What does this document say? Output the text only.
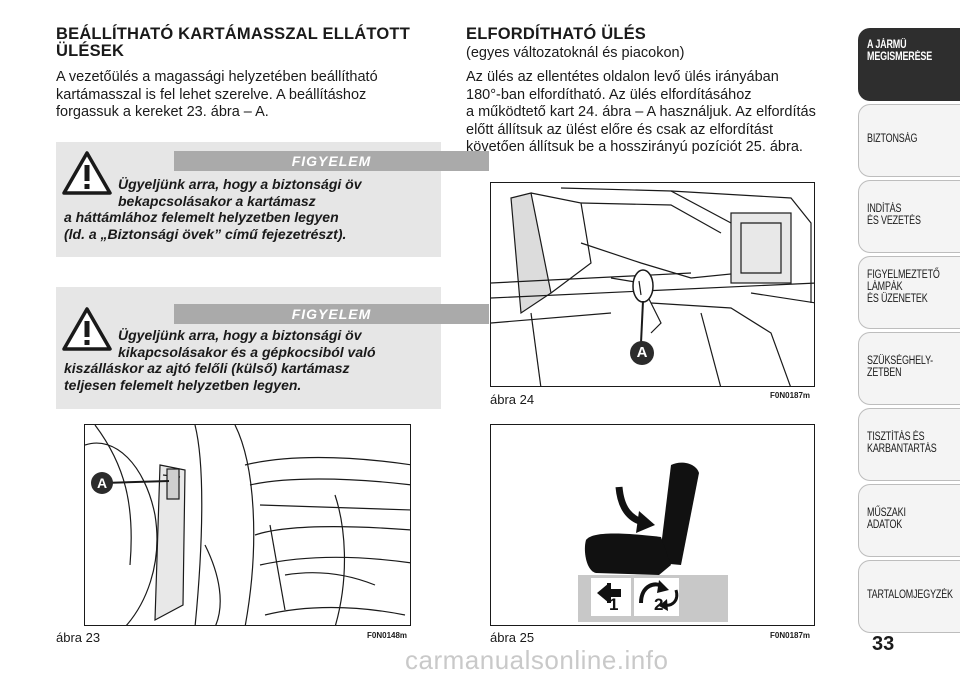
BEÁLLÍTHATÓ KARTÁMASSZAL ELLÁTOTT
ÜLÉSEK
A vezetőülés a magassági helyzetében beállítható
kartámasszal is fel lehet szerelve. A beállításhoz
forgassuk a kereket 23. ábra – A.
FIGYELEM
Ügyeljünk arra, hogy a biztonsági öv
bekapcsolásakor a kartámasz
a háttámlához felemelt helyzetben legyen
(ld. a „Biztonsági övek” című fejezetrészt).
FIGYELEM
Ügyeljünk arra, hogy a biztonsági öv
kikapcsolásakor és a gépkocsiból való
kiszálláskor az ajtó felőli (külső) kartámasz
teljesen felemelt helyzetben legyen.
A
ábra 23	F0N0148m
ELFORDÍTHATÓ ÜLÉS
(egyes változatoknál és piacokon)
Az ülés az ellentétes oldalon levő ülés irányában
180°-ban elfordítható. Az ülés elfordításához
a működtető kart 24. ábra – A használjuk. Az elfordítás
előtt állítsuk az ülést előre és csak az elfordítást
követően állítsuk be a hosszirányú pozíciót 25. ábra.
A
ábra 24	F0N0187m
1 2
ábra 25	F0N0187m
A JÁRMŰ
MEGISMERÉSE
BIZTONSÁG
INDÍTÁS
ÉS VEZETÉS
FIGYELMEZTETŐ
LÁMPÁK
ÉS ÜZENETEK
SZÜKSÉGHELY-
ZETBEN
TISZTÍTÁS ÉS
KARBANTARTÁS
MŰSZAKI
ADATOK
TARTALOMJEGYZÉK
33
carmanualsonline.info
